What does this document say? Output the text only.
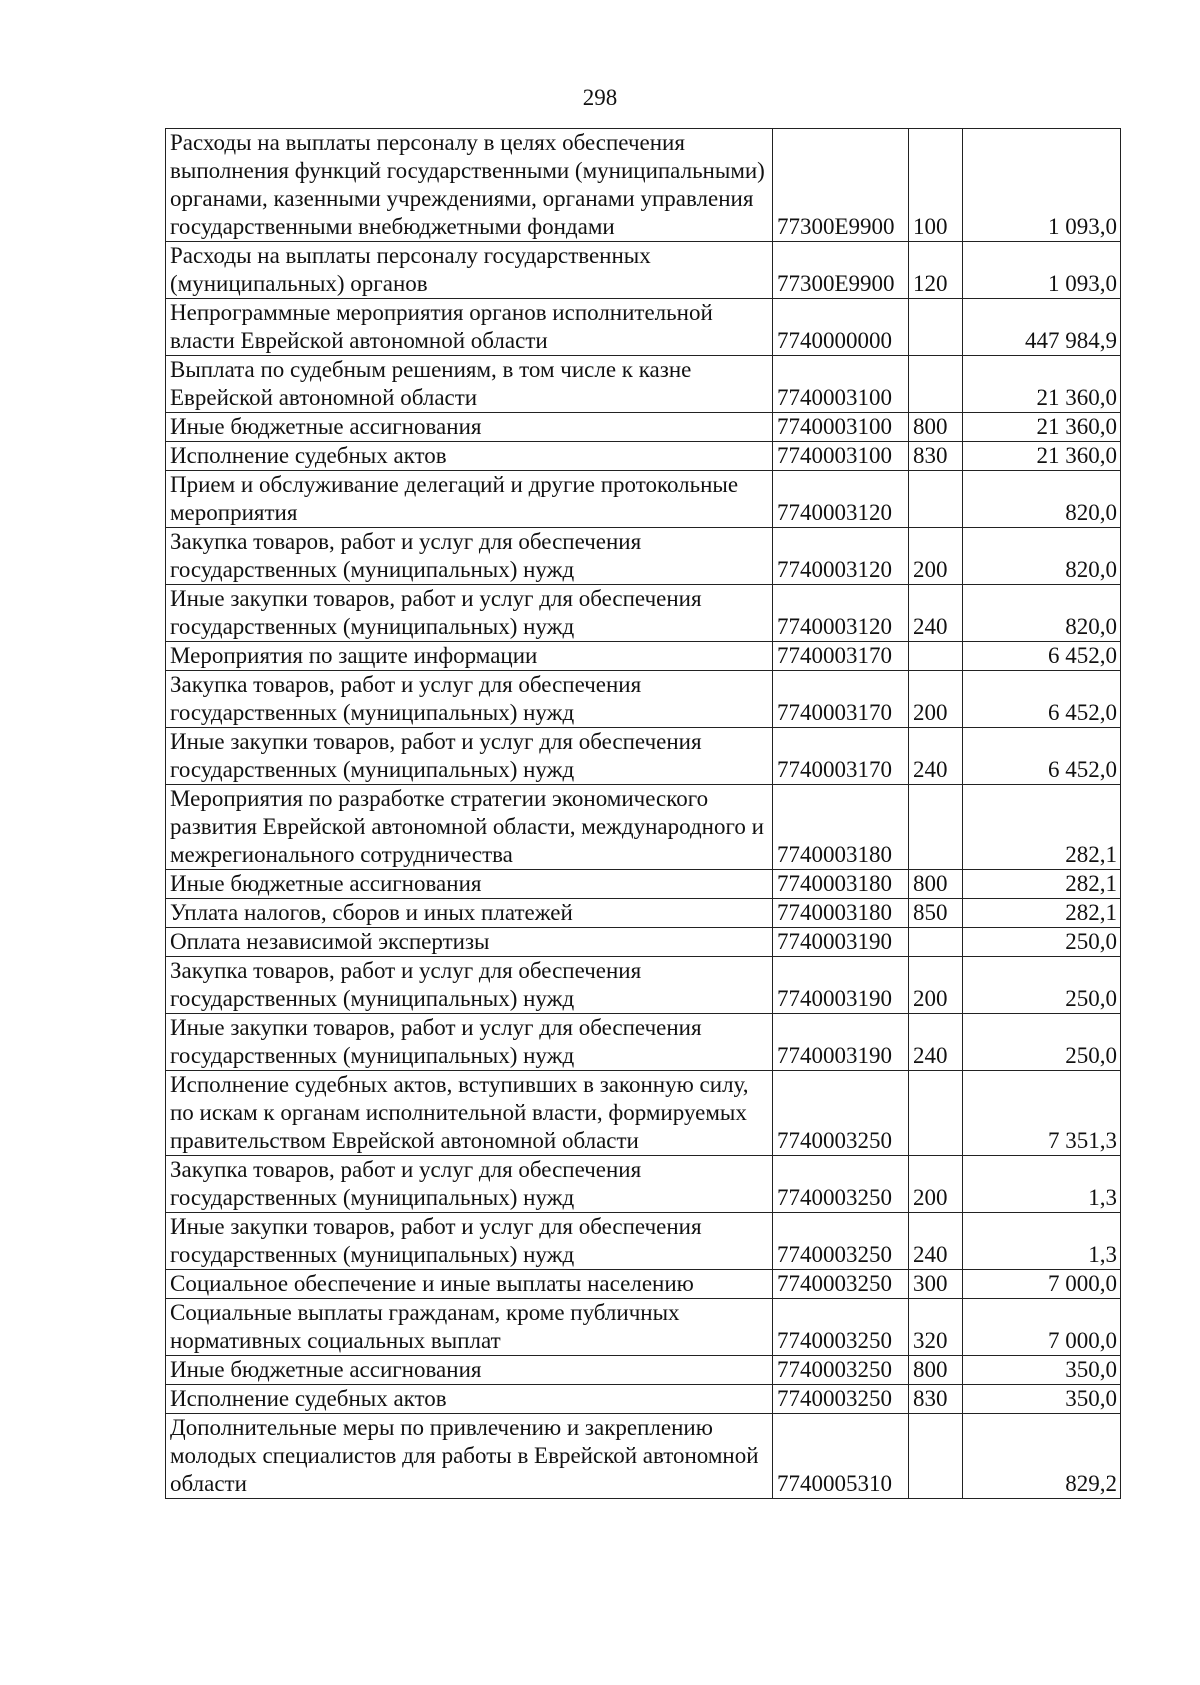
298
Расходы на выплаты персоналу в целях обеспечения выполнения функций государственными (муниципальными) органами, казенными учреждениями, органами управления государственными внебюджетными фондами	77300E9900	100	1 093,0
Расходы на выплаты персоналу государственных (муниципальных) органов	77300E9900	120	1 093,0
Непрограммные мероприятия органов исполнительной власти Еврейской автономной области	7740000000		447 984,9
Выплата по судебным решениям, в том числе к казне Еврейской автономной области	7740003100		21 360,0
Иные бюджетные ассигнования	7740003100	800	21 360,0
Исполнение судебных актов	7740003100	830	21 360,0
Прием и обслуживание делегаций и другие протокольные мероприятия	7740003120		820,0
Закупка товаров, работ и услуг для обеспечения государственных (муниципальных) нужд	7740003120	200	820,0
Иные закупки товаров, работ и услуг для обеспечения государственных (муниципальных) нужд	7740003120	240	820,0
Мероприятия по защите информации	7740003170		6 452,0
Закупка товаров, работ и услуг для обеспечения государственных (муниципальных) нужд	7740003170	200	6 452,0
Иные закупки товаров, работ и услуг для обеспечения государственных (муниципальных) нужд	7740003170	240	6 452,0
Мероприятия по разработке стратегии экономического развития Еврейской автономной области, международного и межрегионального сотрудничества	7740003180		282,1
Иные бюджетные ассигнования	7740003180	800	282,1
Уплата налогов, сборов и иных платежей	7740003180	850	282,1
Оплата независимой экспертизы	7740003190		250,0
Закупка товаров, работ и услуг для обеспечения государственных (муниципальных) нужд	7740003190	200	250,0
Иные закупки товаров, работ и услуг для обеспечения государственных (муниципальных) нужд	7740003190	240	250,0
Исполнение судебных актов, вступивших в законную силу, по искам к органам исполнительной власти, формируемых правительством Еврейской автономной области	7740003250		7 351,3
Закупка товаров, работ и услуг для обеспечения государственных (муниципальных) нужд	7740003250	200	1,3
Иные закупки товаров, работ и услуг для обеспечения государственных (муниципальных) нужд	7740003250	240	1,3
Социальное обеспечение и иные выплаты населению	7740003250	300	7 000,0
Социальные выплаты гражданам, кроме публичных нормативных социальных выплат	7740003250	320	7 000,0
Иные бюджетные ассигнования	7740003250	800	350,0
Исполнение судебных актов	7740003250	830	350,0
Дополнительные меры по привлечению и закреплению молодых специалистов для работы в Еврейской автономной области	7740005310		829,2
